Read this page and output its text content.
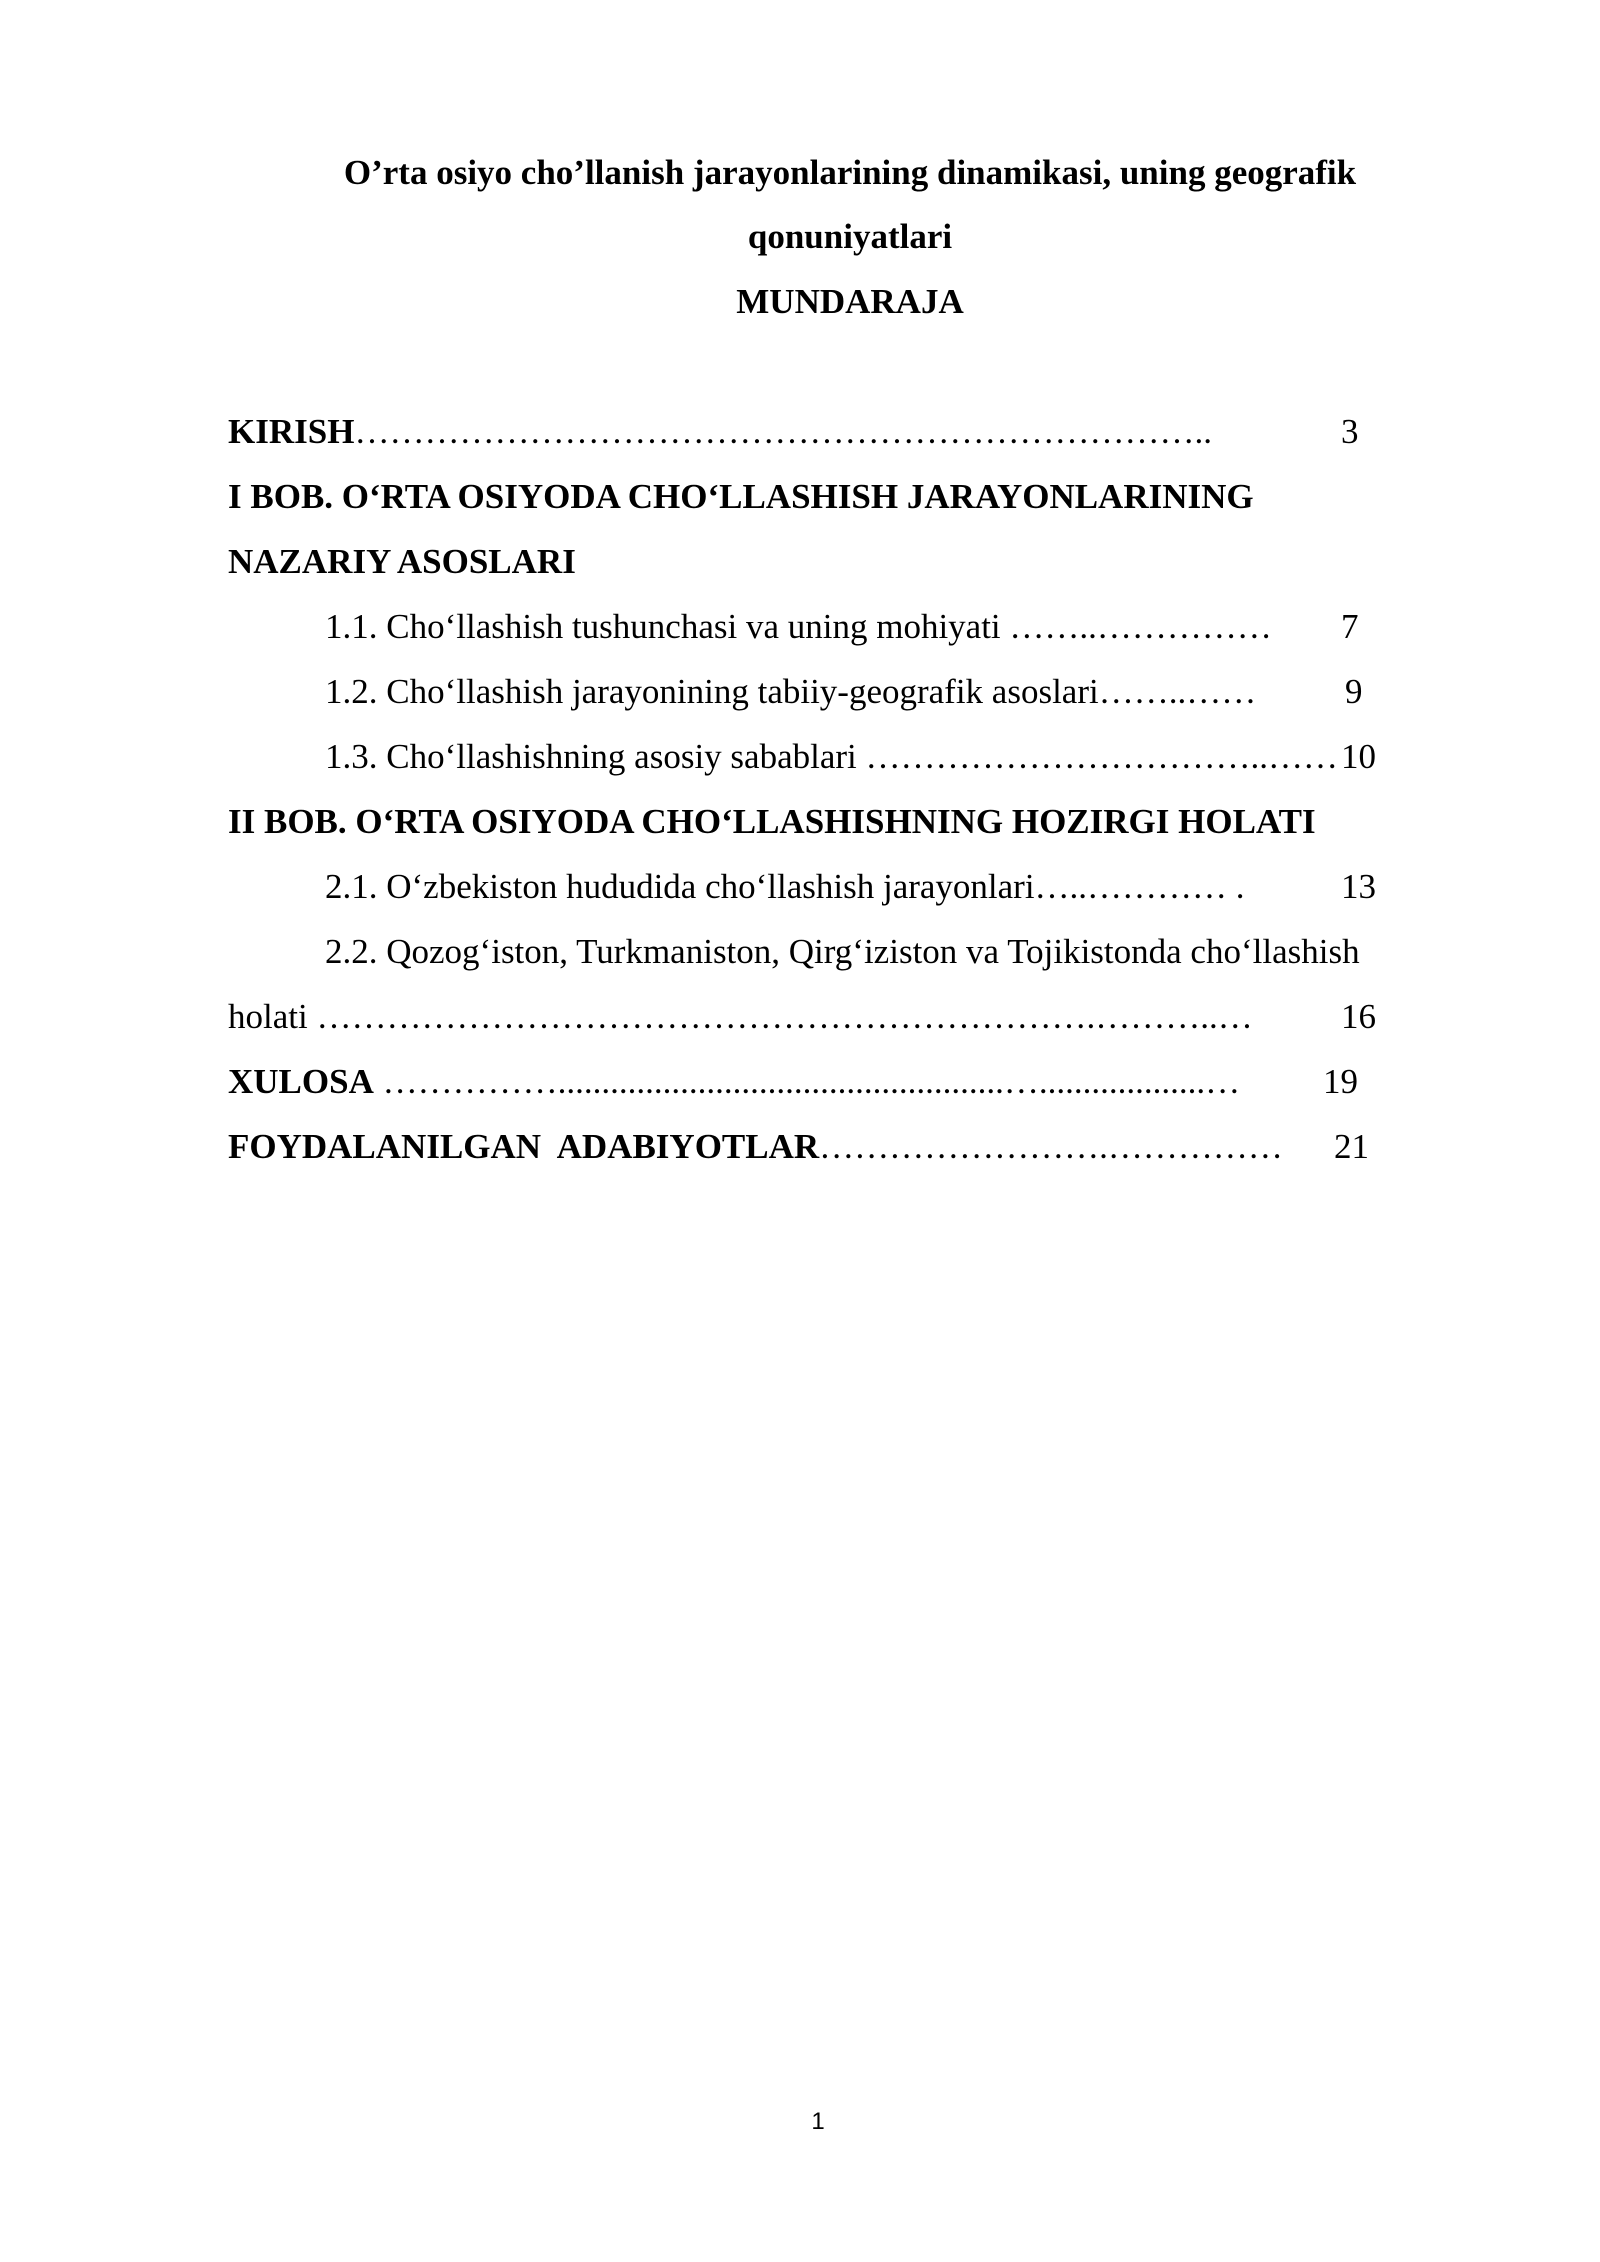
O’rta osiyo cho’llanish jarayonlarining dinamikasi, uning geografik
qonuniyatlari
MUNDARAJA
KIRISH………………………………………………………………..	3
I BOB. O‘RTA OSIYODA CHO‘LLASHISH JARAYONLARINING
NAZARIY ASOSLARI
1.1. Cho‘llashish tushunchasi va uning mohiyati ……..…………… 7
1.2. Cho‘llashish jarayonining tabiiy-geografik asoslari……..……	9
1.3. Cho‘llashishning asosiy sabablari ……………………………..…… 10
II BOB. O‘RTA OSIYODA CHO‘LLASHISHNING HOZIRGI HOLATI
2.1. O‘zbekiston hududida cho‘llashish jarayonlari…..………… .	13
2.2. Qozog‘iston, Turkmaniston, Qirg‘iziston va Tojikistonda cho‘llashish
holati ………………………………………………………….………..…	16
XULOSA ……………...................................................…...................… 19
FOYDALANILGAN  ADABIYOTLAR…………………….…………… 21
1
